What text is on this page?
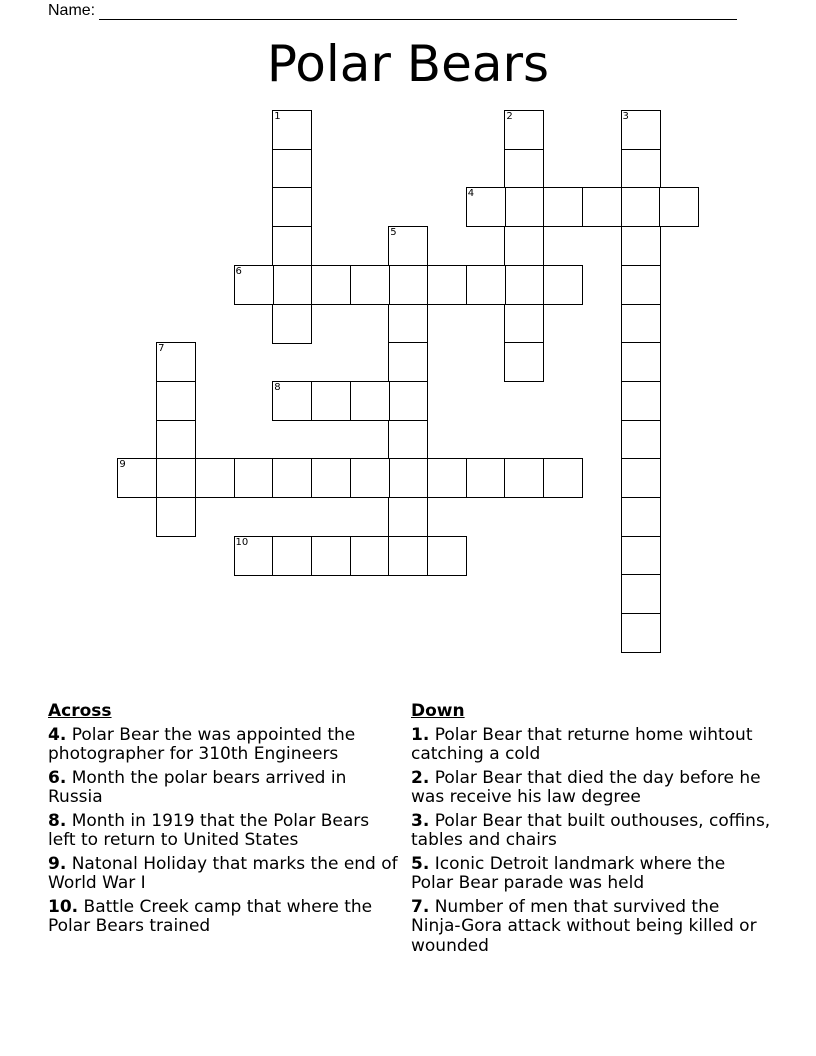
Name:
Polar Bears
1	2	3
4
5
6
7
8
9
10
Across
4. Polar Bear the was appointed the photographer for 310th Engineers
6. Month the polar bears arrived in Russia
8. Month in 1919 that the Polar Bears left to return to United States
9. Natonal Holiday that marks the end of World War I
10. Battle Creek camp that where the Polar Bears trained
Down
1. Polar Bear that returne home wihtout catching a cold
2. Polar Bear that died the day before he was receive his law degree
3. Polar Bear that built outhouses, coffins, tables and chairs
5. Iconic Detroit landmark where the Polar Bear parade was held
7. Number of men that survived the Ninja-Gora attack without being killed or wounded
